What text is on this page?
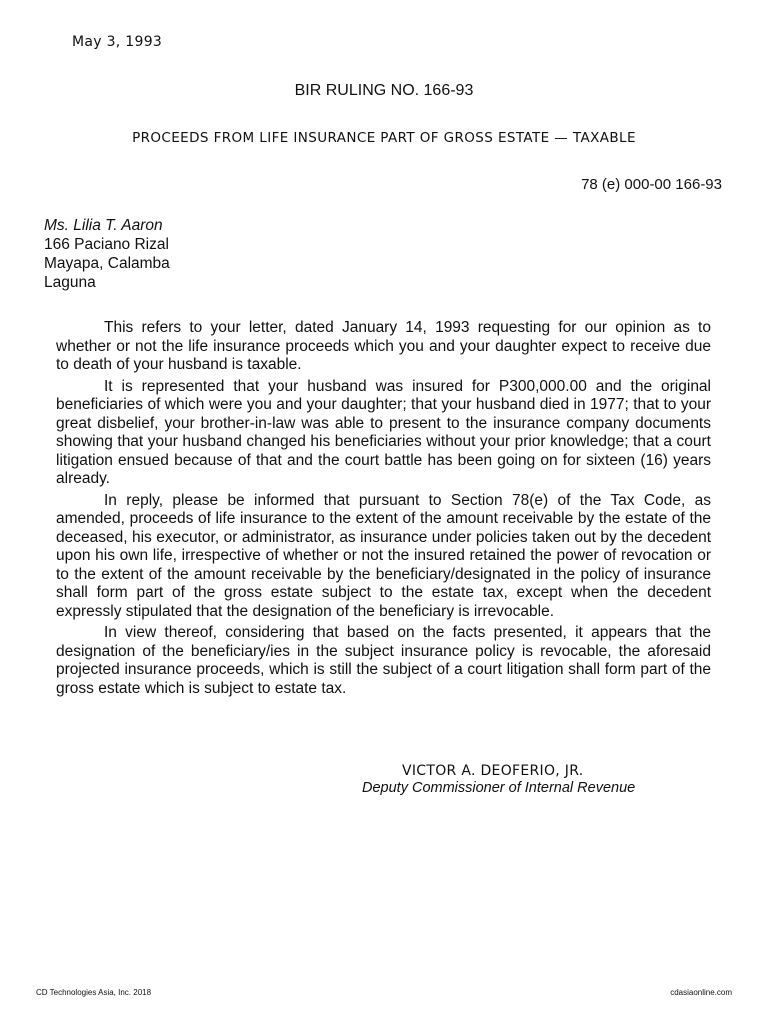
May 3, 1993
BIR RULING NO. 166-93
PROCEEDS FROM LIFE INSURANCE PART OF GROSS ESTATE — TAXABLE
78 (e) 000-00 166-93
Ms. Lilia T. Aaron
166 Paciano Rizal
Mayapa, Calamba
Laguna

This refers to your letter, dated January 14, 1993 requesting for our opinion as to whether or not the life insurance proceeds which you and your daughter expect to receive due to death of your husband is taxable.

It is represented that your husband was insured for P300,000.00 and the original beneficiaries of which were you and your daughter; that your husband died in 1977; that to your great disbelief, your brother-in-law was able to present to the insurance company documents showing that your husband changed his beneficiaries without your prior knowledge; that a court litigation ensued because of that and the court battle has been going on for sixteen (16) years already.

In reply, please be informed that pursuant to Section 78(e) of the Tax Code, as amended, proceeds of life insurance to the extent of the amount receivable by the estate of the deceased, his executor, or administrator, as insurance under policies taken out by the decedent upon his own life, irrespective of whether or not the insured retained the power of revocation or to the extent of the amount receivable by the beneficiary/designated in the policy of insurance shall form part of the gross estate subject to the estate tax, except when the decedent expressly stipulated that the designation of the beneficiary is irrevocable.

In view thereof, considering that based on the facts presented, it appears that the designation of the beneficiary/ies in the subject insurance policy is revocable, the aforesaid projected insurance proceeds, which is still the subject of a court litigation shall form part of the gross estate which is subject to estate tax.

VICTOR A. DEOFERIO, JR.
Deputy Commissioner of Internal Revenue
CD Technologies Asia, Inc. 2018	cdasiaonline.com
